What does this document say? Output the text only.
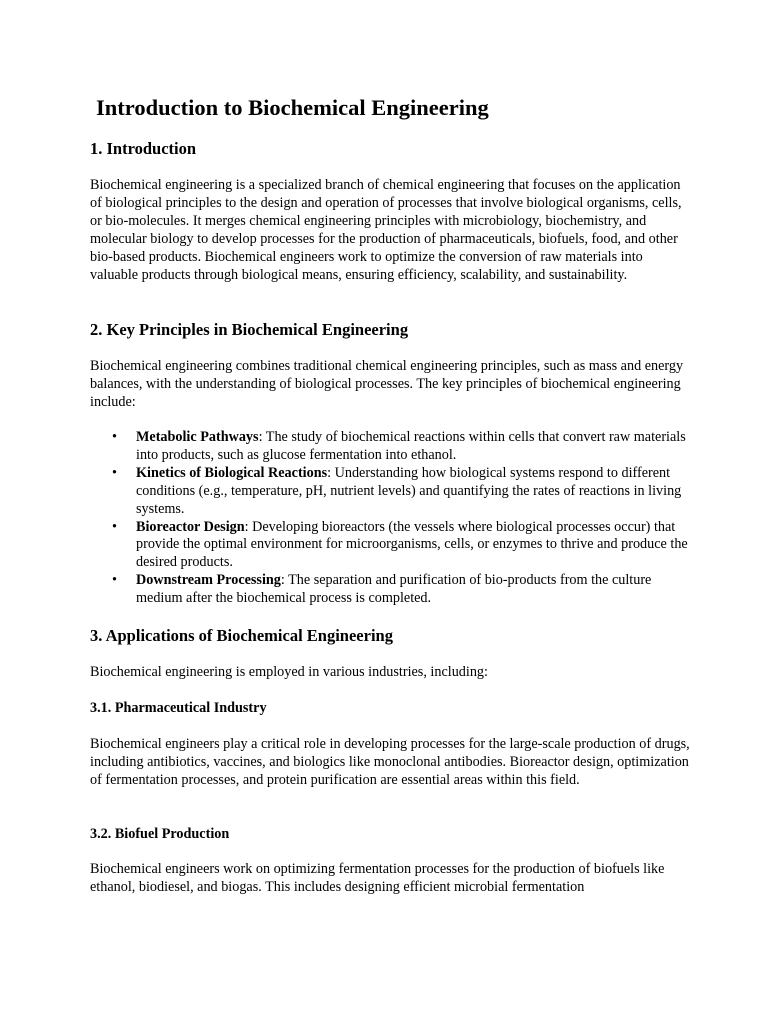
Introduction to Biochemical Engineering
1. Introduction

Biochemical engineering is a specialized branch of chemical engineering that focuses on the application of biological principles to the design and operation of processes that involve biological organisms, cells, or bio-molecules. It merges chemical engineering principles with microbiology, biochemistry, and molecular biology to develop processes for the production of pharmaceuticals, biofuels, food, and other bio-based products. Biochemical engineers work to optimize the conversion of raw materials into valuable products through biological means, ensuring efficiency, scalability, and sustainability.

2. Key Principles in Biochemical Engineering

Biochemical engineering combines traditional chemical engineering principles, such as mass and energy balances, with the understanding of biological processes. The key principles of biochemical engineering include:

• Metabolic Pathways: The study of biochemical reactions within cells that convert raw materials into products, such as glucose fermentation into ethanol.
• Kinetics of Biological Reactions: Understanding how biological systems respond to different conditions (e.g., temperature, pH, nutrient levels) and quantifying the rates of reactions in living systems.
• Bioreactor Design: Developing bioreactors (the vessels where biological processes occur) that provide the optimal environment for microorganisms, cells, or enzymes to thrive and produce the desired products.
• Downstream Processing: The separation and purification of bio-products from the culture medium after the biochemical process is completed.
3. Applications of Biochemical Engineering

Biochemical engineering is employed in various industries, including:

3.1. Pharmaceutical Industry

Biochemical engineers play a critical role in developing processes for the large-scale production of drugs, including antibiotics, vaccines, and biologics like monoclonal antibodies. Bioreactor design, optimization of fermentation processes, and protein purification are essential areas within this field.

3.2. Biofuel Production

Biochemical engineers work on optimizing fermentation processes for the production of biofuels like ethanol, biodiesel, and biogas. This includes designing efficient microbial fermentation
